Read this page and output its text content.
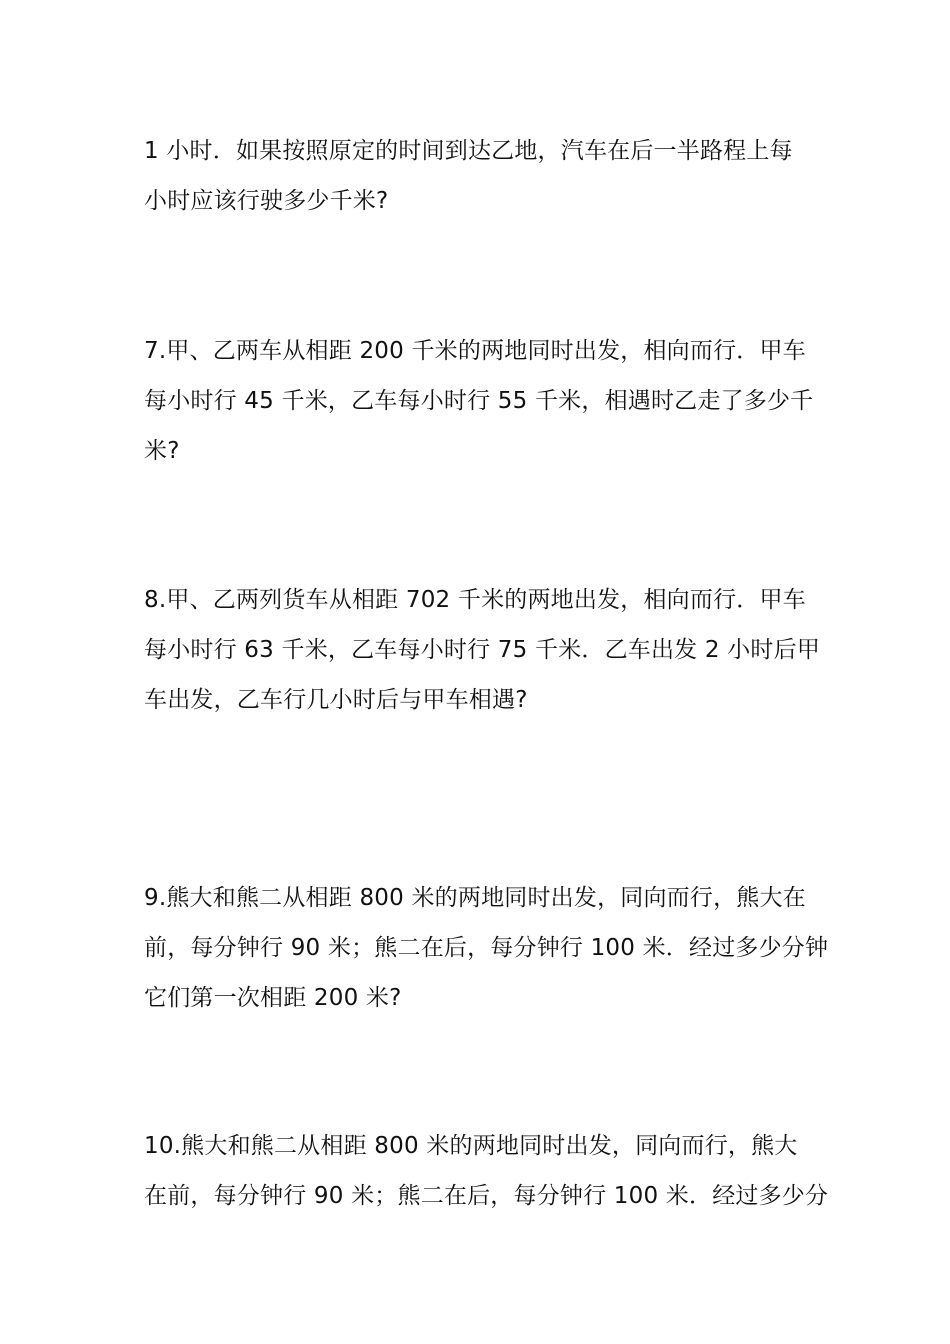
1 小时．如果按照原定的时间到达乙地，汽车在后一半路程上每
小时应该行驶多少千米?
7.甲、乙两车从相距 200 千米的两地同时出发，相向而行．甲车
每小时行 45 千米，乙车每小时行 55 千米，相遇时乙走了多少千
米?
8.甲、乙两列货车从相距 702 千米的两地出发，相向而行．甲车
每小时行 63 千米，乙车每小时行 75 千米．乙车出发 2 小时后甲
车出发，乙车行几小时后与甲车相遇?
9.熊大和熊二从相距 800 米的两地同时出发，同向而行，熊大在
前，每分钟行 90 米；熊二在后，每分钟行 100 米．经过多少分钟
它们第一次相距 200 米?
10.熊大和熊二从相距 800 米的两地同时出发，同向而行，熊大
在前，每分钟行 90 米；熊二在后，每分钟行 100 米．经过多少分
